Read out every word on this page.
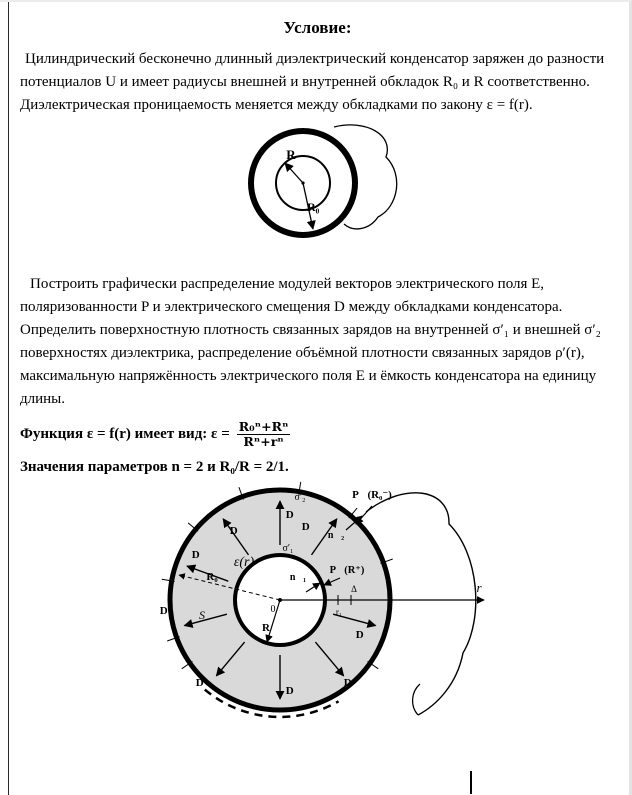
Условие:

Цилиндрический бесконечно длинный диэлектрический конденсатор заряжен до разности потенциалов U и имеет радиусы внешней и внутренней обкладок R₀ и R соответственно. Диэлектрическая проницаемость меняется между обкладками по закону ε = f(r).

R
R₀

Построить графически распределение модулей векторов электрического поля E, поляризованности P и электрического смещения D между обкладками конденсатора. Определить поверхностную плотность связанных зарядов на внутренней σ′₁ и внешней σ′₂ поверхностях диэлектрика, распределение объёмной плотности связанных зарядов ρ′(r), максимальную напряжённость электрического поля E и ёмкость конденсатора на единицу длины.

Функция ε = f(r) имеет вид: $\varepsilon = \frac{\text{R₀ⁿ+Rⁿ}}{\text{Rⁿ+rⁿ}}$
Значения параметров n = 2 и R₀/R = 2/1.
D⃗
D⃗
D⃗
D⃗
D⃗
D⃗
D⃗
D⃗
D⃗
ε(r)
P⃗(R₀⁻)
n⃗₂
σ′₂
σ′₁
P⃗(R⁺)
n⃗₁
R₀
S	0
R
r
r₁
Δ
